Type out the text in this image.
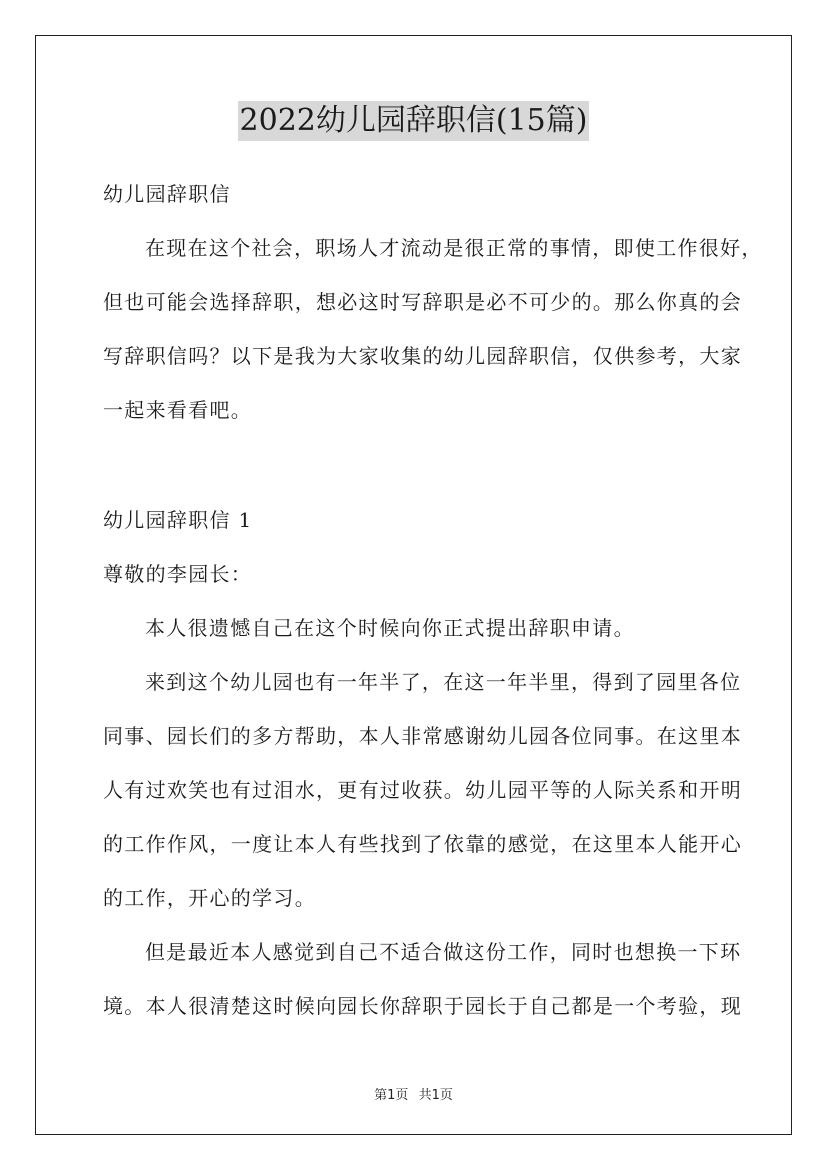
2022幼儿园辞职信(15篇)
幼儿园辞职信
在现在这个社会，职场人才流动是很正常的事情，即使工作很好，
但也可能会选择辞职，想必这时写辞职是必不可少的。那么你真的会
写辞职信吗？以下是我为大家收集的幼儿园辞职信，仅供参考，大家
一起来看看吧。
幼儿园辞职信 1
尊敬的李园长：
本人很遗憾自己在这个时候向你正式提出辞职申请。
来到这个幼儿园也有一年半了，在这一年半里，得到了园里各位
同事、园长们的多方帮助，本人非常感谢幼儿园各位同事。在这里本
人有过欢笑也有过泪水，更有过收获。幼儿园平等的人际关系和开明
的工作作风，一度让本人有些找到了依靠的感觉，在这里本人能开心
的工作，开心的学习。
但是最近本人感觉到自己不适合做这份工作，同时也想换一下环
境。本人很清楚这时候向园长你辞职于园长于自己都是一个考验，现
第1页 共1页
